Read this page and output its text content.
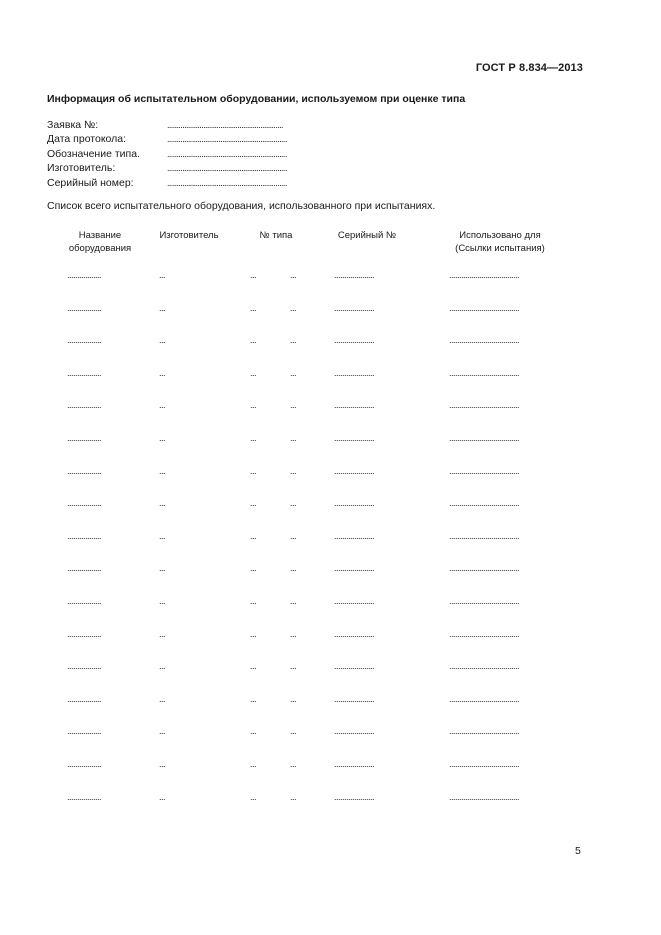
ГОСТ Р 8.834—2013
Информация об испытательном оборудовании, используемом при оценке типа
Заявка №:	.............................................................
Дата протокола:	...............................................................
Обозначение типа.	...............................................................
Изготовитель:	...............................................................
Серийный номер:	...............................................................
Список всего испытательного оборудования, использованного при испытаниях.
Название
оборудования
Изготовитель	№ типа	Серийный №	Использовано для
(Ссылки испытания)
.................	...	...	...	....................	...................................
.................	...	...	...	....................	...................................
.................	...	...	...	....................	...................................
.................	...	...	...	....................	...................................
.................	...	...	...	....................	...................................
.................	...	...	...	....................	...................................
.................	...	...	...	....................	...................................
.................	...	...	...	....................	...................................
.................	...	...	...	....................	...................................
.................	...	...	...	....................	...................................
.................	...	...	...	....................	...................................
.................	...	...	...	....................	...................................
.................	...	...	...	....................	...................................
.................	...	...	...	....................	...................................
.................	...	...	...	....................	...................................
.................	...	...	...	....................	...................................
.................	...	...	...	....................	...................................
5
